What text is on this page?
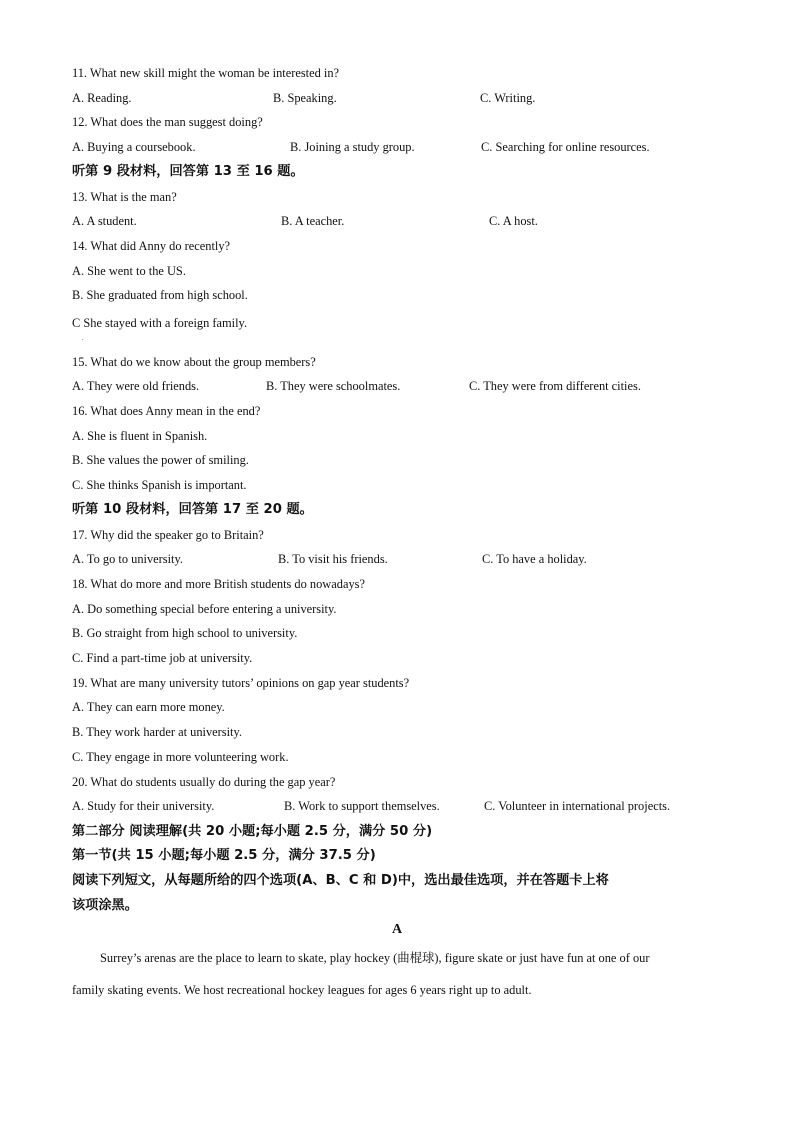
11. What new skill might the woman be interested in?
A. Reading.	B. Speaking.	C. Writing.
12. What does the man suggest doing?
A. Buying a coursebook.	B. Joining a study group.	C. Searching for online resources.
听第 9 段材料，回答第 13 至 16 题。
13. What is the man?
A. A student.	B. A teacher.	C. A host.
14. What did Anny do recently?
A. She went to the US.
B. She graduated from high school.
C She stayed with a foreign family.
.
15. What do we know about the group members?
A. They were old friends.	B. They were schoolmates.	C. They were from different cities.
16. What does Anny mean in the end?
A. She is fluent in Spanish.
B. She values the power of smiling.
C. She thinks Spanish is important.
听第 10 段材料，回答第 17 至 20 题。
17. Why did the speaker go to Britain?
A. To go to university.	B. To visit his friends.	C. To have a holiday.
18. What do more and more British students do nowadays?
A. Do something special before entering a university.
B. Go straight from high school to university.
C. Find a part-time job at university.
19. What are many university tutors’ opinions on gap year students?
A. They can earn more money.
B. They work harder at university.
C. They engage in more volunteering work.
20. What do students usually do during the gap year?
A. Study for their university.	B. Work to support themselves.	C. Volunteer in international projects.
第二部分 阅读理解(共 20 小题;每小题 2.5 分，满分 50 分)
第一节(共 15 小题;每小题 2.5 分，满分 37.5 分)
阅读下列短文，从每题所给的四个选项(A、B、C 和 D)中，选出最佳选项，并在答题卡上将
该项涂黑。
A
Surrey’s arenas are the place to learn to skate, play hockey (曲棍球), figure skate or just have fun at one of our
family skating events. We host recreational hockey leagues for ages 6 years right up to adult.
